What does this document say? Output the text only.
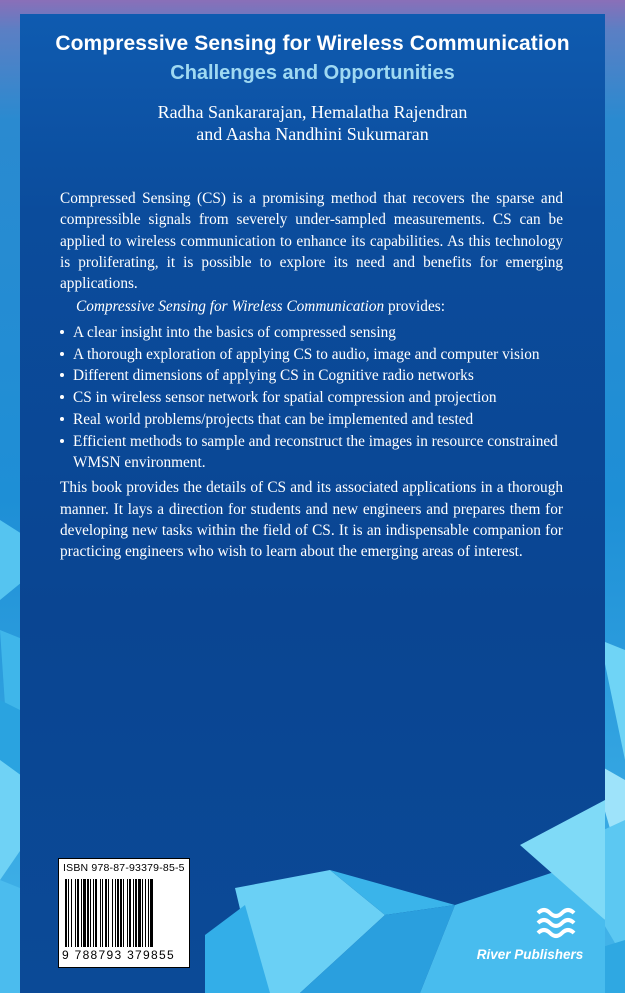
Compressive Sensing for Wireless Communication
Challenges and Opportunities
Radha Sankararajan, Hemalatha Rajendran
and Aasha Nandhini Sukumaran

Compressed Sensing (CS) is a promising method that recovers the sparse and compressible signals from severely under-sampled measurements. CS can be applied to wireless communication to enhance its capabilities. As this technology is proliferating, it is possible to explore its need and benefits for emerging applications.

Compressive Sensing for Wireless Communication provides:

A clear insight into the basics of compressed sensing
A thorough exploration of applying CS to audio, image and computer vision
Different dimensions of applying CS in Cognitive radio networks
CS in wireless sensor network for spatial compression and projection
Real world problems/projects that can be implemented and tested
Efficient methods to sample and reconstruct the images in resource constrained WMSN environment.

This book provides the details of CS and its associated applications in a thorough manner. It lays a direction for students and new engineers and prepares them for developing new tasks within the field of CS. It is an indispensable companion for practicing engineers who wish to learn about the emerging areas of interest.

ISBN 978-87-93379-85-5
9 788793 379855	River Publishers
